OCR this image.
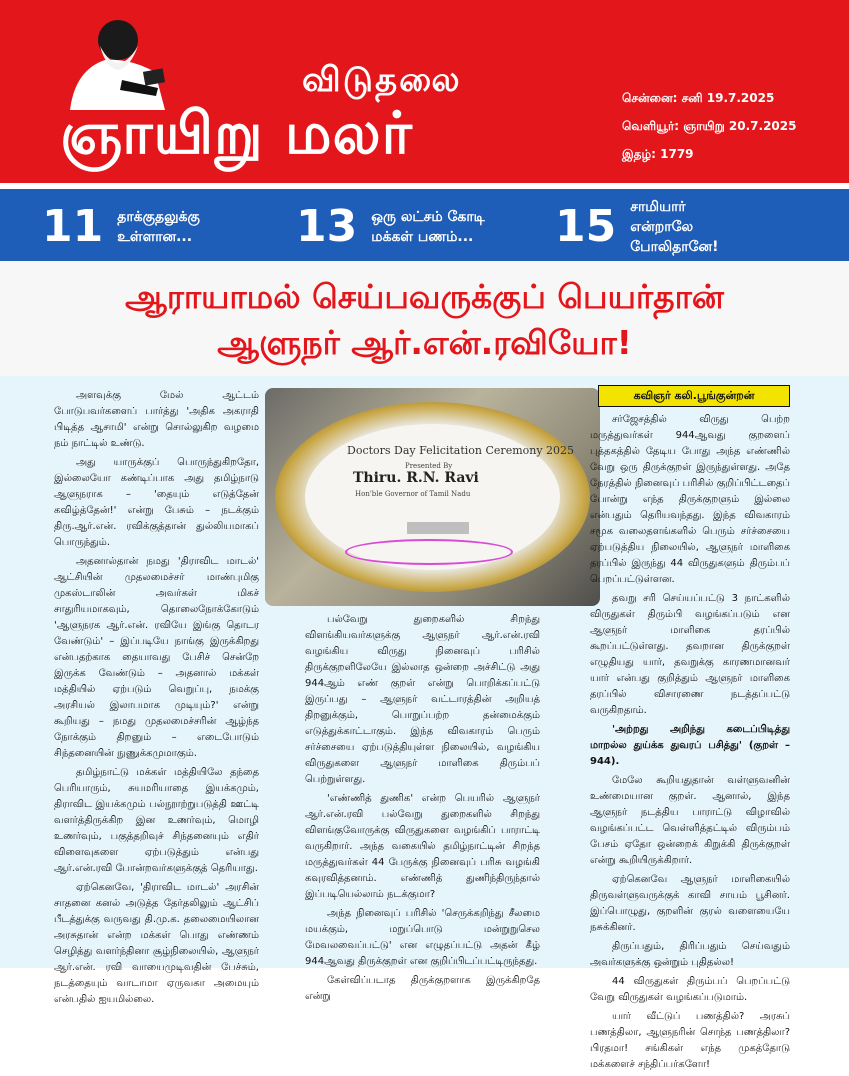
விடுதலை
ஞாயிறு மலர்
சென்னை: சனி 19.7.2025
வெளியூர்: ஞாயிறு 20.7.2025
இதழ்: 1779
11 தாக்குதலுக்கு உள்ளான...	13 ஒரு லட்சம் கோடி மக்கள் பணம்...	15 சாமியார் என்றாலே போலிதானே!
ஆராயாமல் செய்பவருக்குப் பெயர்தான்
ஆளுநர் ஆர்.என்.ரவியோ!
Doctors Day Felicitation Ceremony 2025
Presented By
Thiru. R.N. Ravi
Hon'ble Governor of Tamil Nadu
கவிஞர் கலி.பூங்குன்றன்

அளவுக்கு மேல் ஆட்டம் போடுபவர்களைப் பார்த்து 'அதிக அகராதி பிடித்த ஆசாமி' என்று சொல்லுகிற வழமை நம் நாட்டில் உண்டு.

அது யாருக்குப் பொருந்துகிறதோ, இல்லையோ கண்டிப்பாக அது தமிழ்நாடு ஆளுநராக – 'தையும் எடுத்தேன் கவிழ்த்தேன்!' என்று பேசும் – நடக்கும் திரு.ஆர்.என். ரவிக்குத்தான் துல்லியமாகப் பொருந்தும்.

அதனால்தான் நமது 'திராவிட மாடல்' ஆட்சியின் முதலமைச்சர் மாண்புமிகு முகஸ்டாலின் அவர்கள் மிகச் சாதுரியமாகவும், தொலைநோக்கோடும் 'ஆளுநரக ஆர்.என். ரவியே இங்கு தொடர வேண்டும்' – இப்படியே நாங்கு இருக்கிறது என்பதற்காக தையாவது பேசிச் சென்றே இருக்க வேண்டும் – அதனால் மக்கள் மத்தியில் ஏற்படும் வெறுப்பு, நமக்கு அரசியல் இலாபமாக முடியும்?' என்று கூறியது – நமது முதலமைச்சரின் ஆழ்ந்த நோக்கும் திறனும் – எடைபோடும் சிந்தனையின் நுணுக்கமுமாகும்.

தமிழ்நாட்டு மக்கள் மத்தியிலே தந்தை பெரியாரும், சுயமரியாதை இயக்கமும், திராவிட இயக்கமும் பல்நூாற்றுபடுத்தி ஊட்டி வளர்த்திருக்கிற இன உணர்வும், மொழி உணர்வும், பகுத்தறிவுச் சிந்தனையும் எதிர் விளைவுகளை ஏற்படுத்தும் என்பது ஆர்.என்.ரவி போன்றவர்களுக்குத் தெரியாது.

ஏற்கெனவே, 'திராவிட மாடல்' அரசின் சாதனை கனல் அடுத்த தேர்தலிலும் ஆட்சிப் பீடத்துக்கு வருவது தி.மு.க. தலைமையிலான அரசுதான் என்ற மக்கள் பொது எண்ணம் செழித்து வளர்ந்தினா சூழ்நிலையில், ஆளுநர் ஆர்.என். ரவி வாயைமுடிவதின் பேச்சும், நடத்தையும் வாடாமா ஏருவகா அமையும் என்பதில் ஐயமில்லை.

பல்வேறு துறைகளில் சிறந்து விளங்கியவர்களுக்கு ஆளுநர் ஆர்.என்.ரவி வழங்கிய விருது நினைவுப் பரிசில் திருக்குறளிலேயே இல்லாத ஒன்றை அச்சிட்டு அது 944ஆம் எண் குறள் என்று பொறிக்கப்பட்டு இருப்பது – ஆளுநர் வட்டாரத்தின் அறியத் திறனுக்கும், பொறுப்பற்ற தன்மைக்கும் எடுத்துக்காட்டாகும். இந்த விவகாரம் பெரும் சர்ச்சையை ஏற்படுத்தியுள்ள நிலையில், வழங்கிய விருதுகளை ஆளுநர் மாளிகை திரும்பப் பெற்றுள்ளது.

'எண்ணித் துணிக' என்ற பெயரில் ஆளுநர் ஆர்.என்.ரவி பல்வேறு துறைகளில் சிறந்து விளங்குவோருக்கு விருதுகளை வழங்கிப் பாராட்டி வருகிறார். அந்த வகையில் தமிழ்நாட்டின் சிறந்த மருத்துவர்கள் 44 பேருக்கு நினைவுப் பரிசு வழங்கி கவுரவித்தனாம். எண்ணித் துணிந்திருந்தால் இப்படியெல்லாம் நடக்குமா?

அந்த நினைவுப் பரிசில் 'செருக்கறிந்து சீலமை மயக்கும், மறுப்பொடு மன்றுறுசெல மேவலவைப்பட்டு' என எழுதப்பட்டு அதன் கீழ் 944ஆவது திருக்குறள் என குறிப்பிடப்பட்டிருந்தது.

கேள்விப்படாத திருக்குறளாக இருக்கிறதே என்று

சர்ஜேசத்தில் விருது பெற்ற மருத்துவர்கள் 944ஆவது குறளைப் புத்தகத்தில் தேடிய போது அந்த எண்ணில் வேறு ஒரு திருக்குறள் இருந்துள்ளது. அதே நேரத்தில் நினைவுப் பரிசில் குறிப்பிட்டதைப் போன்று எந்த திருக்குறளும் இல்லை என்பதும் தெரியவந்தது. இந்த விவகாரம் சமூக வலைதளங்களில் பெரும் சர்ச்சையை ஏற்படுத்திய நிலையில், ஆளுநர் மாளிகை தரப்பில் இருந்து 44 விருதுகளும் திரும்பப் பெறப்பட்டுள்ளன.

தவறு சரி செய்யப்பட்டு 3 நாட்களில் விருதுகள் திரும்பி வழங்கப்படும் என ஆளுநர் மாளிகை தரப்பில் கூறப்பட்டுள்ளது. தவறான திருக்குறள் எழுதியது யார், தவறுக்கு காரணமானவர் யார் என்பது குறித்தும் ஆளுநர் மாளிகை தரப்பில் விசாரணை நடத்தப்பட்டு வருகிறதாம்.

'அற்றது அறிந்து கடைப்பிடித்து மாறல்ல துய்க்க துவரப் பசித்து' (குறள் – 944).

மேலே கூறியதுதான் வள்ளுவனின் உண்மையான குறள். ஆனால், இந்த ஆளுநர் நடத்திய பாராட்டு விழாவில் வழங்கப்பட்ட வெள்ளித்தட்டில் விரும்பம் பேசம் ஏதோ ஒன்றைக் கிறுக்கி திருக்குறள் என்று கூறியிருக்கிறார்.

ஏற்கெனவே ஆளுநர் மாளிகையில் திருவள்ளுவருக்குக் காவி சாயம் பூசினர். இப்பொழுது, குறளின் குரல் வளையையே நசுக்கினர்.

திருப்பதும், திரிப்பதும் செய்வதும் அவர்களுக்கு ஒன்றும் புதிதல்ல!

44 விருதுகள் திரும்பப் பெறப்பட்டு வேறு விருதுகள் வழங்கப்படுமாம்.

யார் வீட்டுப் பணத்தில்? அரசுப் பணத்திலா, ஆளுநரின் சொந்த பணத்திலா? பிரதமா! சங்கிகள் எந்த முகத்தோடு மக்களைச் சந்திப்பர்களோ!
